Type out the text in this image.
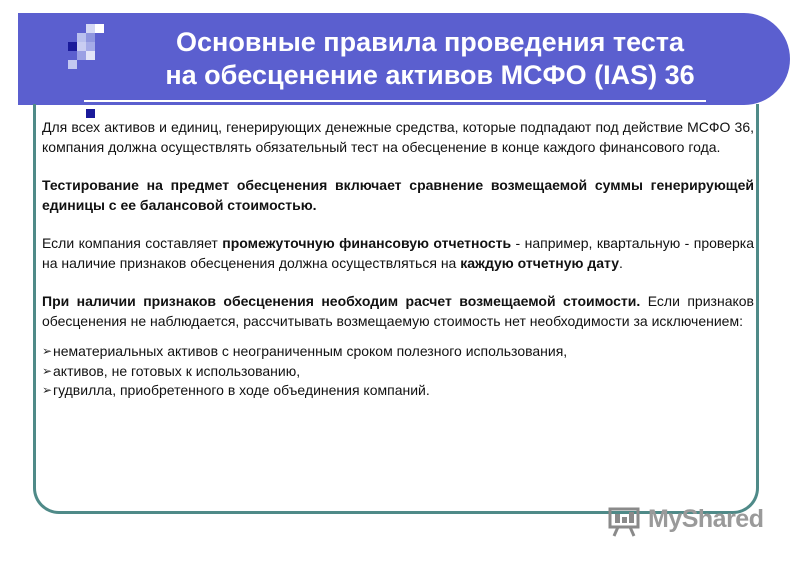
Основные правила проведения теста
на обесценение активов МСФО (IAS) 36

Для всех активов и единиц, генерирующих денежные средства, которые подпадают под действие МСФО 36, компания должна осуществлять обязательный тест на обесценение в конце каждого финансового года.

Тестирование на предмет обесценения включает сравнение возмещаемой суммы генерирующей единицы с ее балансовой стоимостью.

Если компания составляет промежуточную финансовую отчетность - например, квартальную - проверка на наличие признаков обесценения должна осуществляться на каждую отчетную дату.

При наличии признаков обесценения необходим расчет возмещаемой стоимости. Если признаков обесценения не наблюдается, рассчитывать возмещаемую стоимость нет необходимости за исключением:

➢ нематериальных активов с неограниченным сроком полезного использования,
➢ активов, не готовых к использованию,
➢ гудвилла, приобретенного в ходе объединения компаний.
MyShared
